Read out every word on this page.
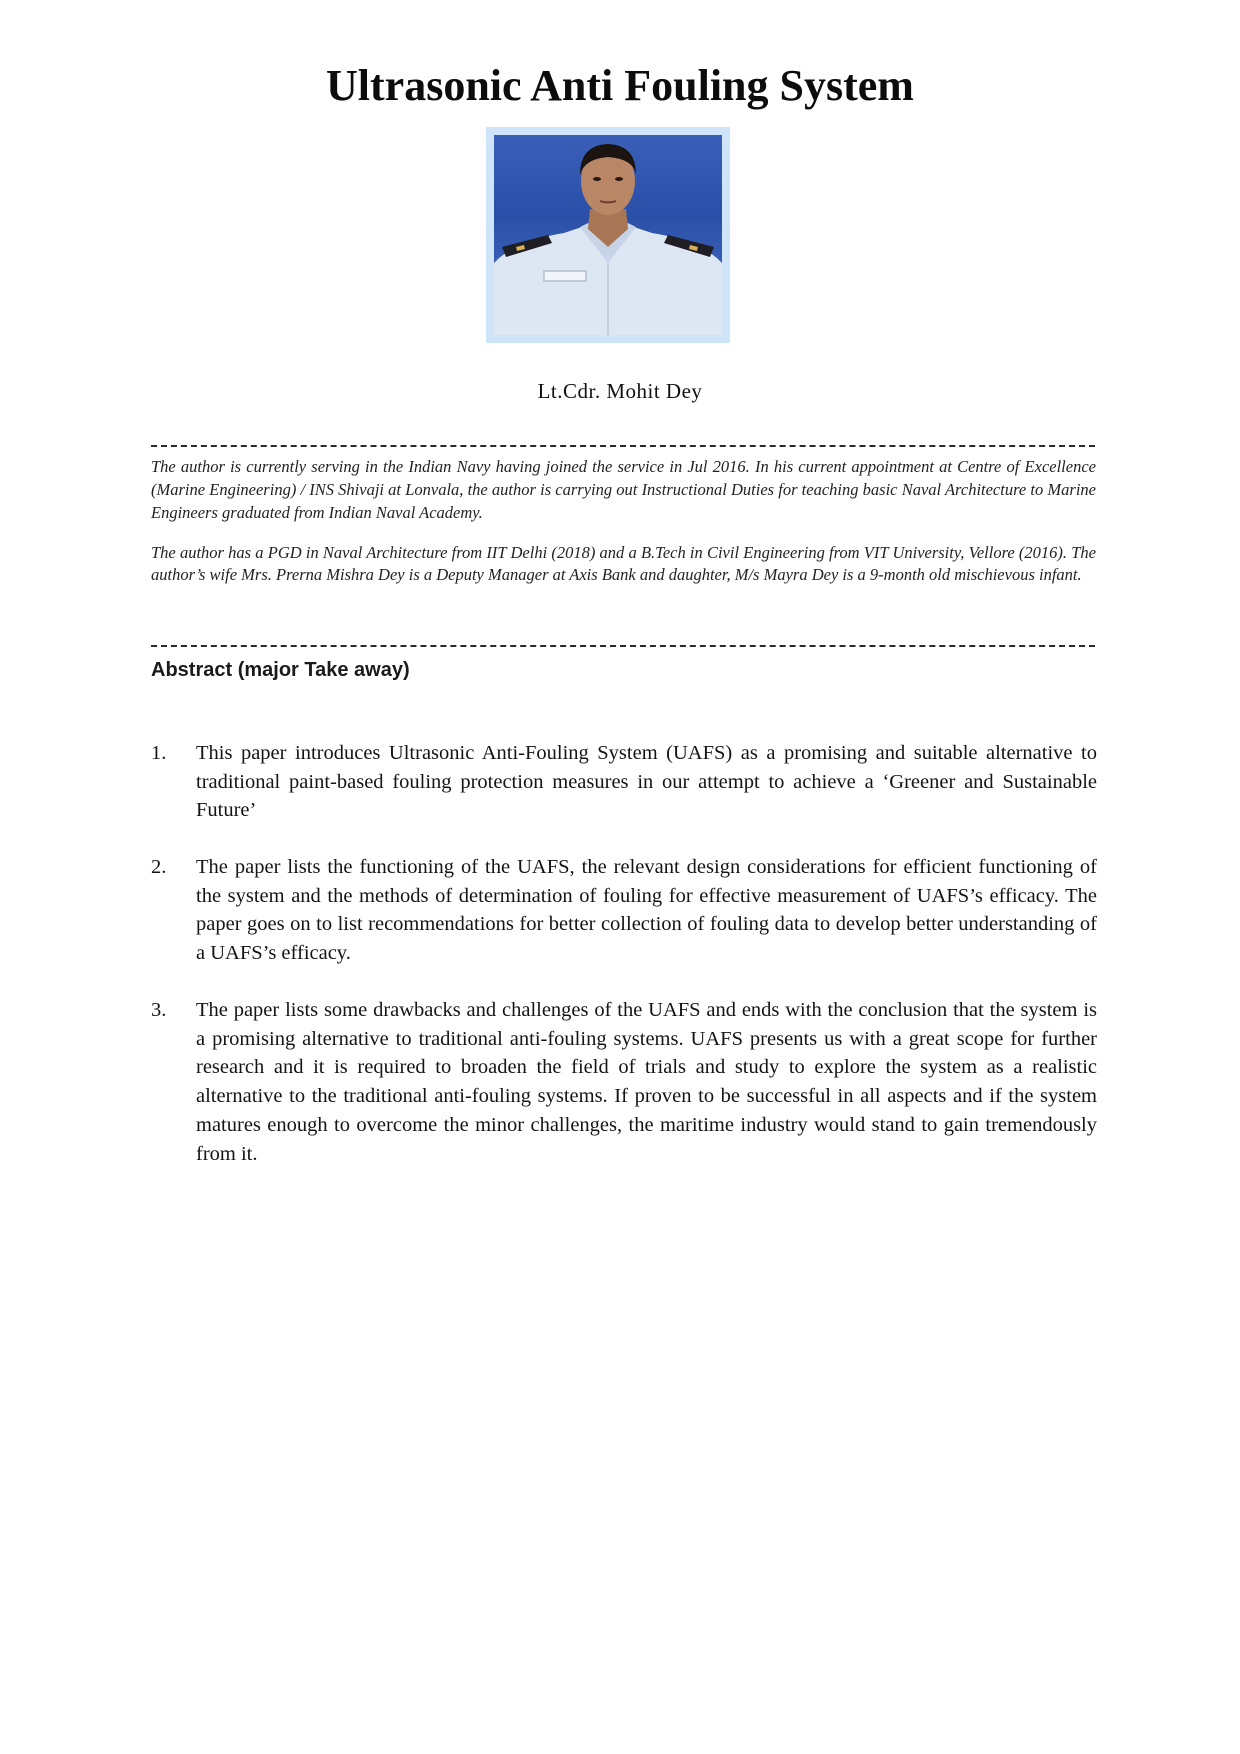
Ultrasonic Anti Fouling System
Lt.Cdr. Mohit Dey

The author is currently serving in the Indian Navy having joined the service in Jul 2016. In his current appointment at Centre of Excellence (Marine Engineering) / INS Shivaji at Lonvala, the author is carrying out Instructional Duties for teaching basic Naval Architecture to Marine Engineers graduated from Indian Naval Academy.

The author has a PGD in Naval Architecture from IIT Delhi (2018) and a B.Tech in Civil Engineering from VIT University, Vellore (2016). The author’s wife Mrs. Prerna Mishra Dey is a Deputy Manager at Axis Bank and daughter, M/s Mayra Dey is a 9-month old mischievous infant.

Abstract (major Take away)
1.	This paper introduces Ultrasonic Anti-Fouling System (UAFS) as a promising and suitable alternative to traditional paint-based fouling protection measures in our attempt to achieve a ‘Greener and Sustainable Future’
2.	The paper lists the functioning of the UAFS, the relevant design considerations for efficient functioning of the system and the methods of determination of fouling for effective measurement of UAFS’s efficacy. The paper goes on to list recommendations for better collection of fouling data to develop better understanding of a UAFS’s efficacy.
3.	The paper lists some drawbacks and challenges of the UAFS and ends with the conclusion that the system is a promising alternative to traditional anti-fouling systems. UAFS presents us with a great scope for further research and it is required to broaden the field of trials and study to explore the system as a realistic alternative to the traditional anti-fouling systems. If proven to be successful in all aspects and if the system matures enough to overcome the minor challenges, the maritime industry would stand to gain tremendously from it.
